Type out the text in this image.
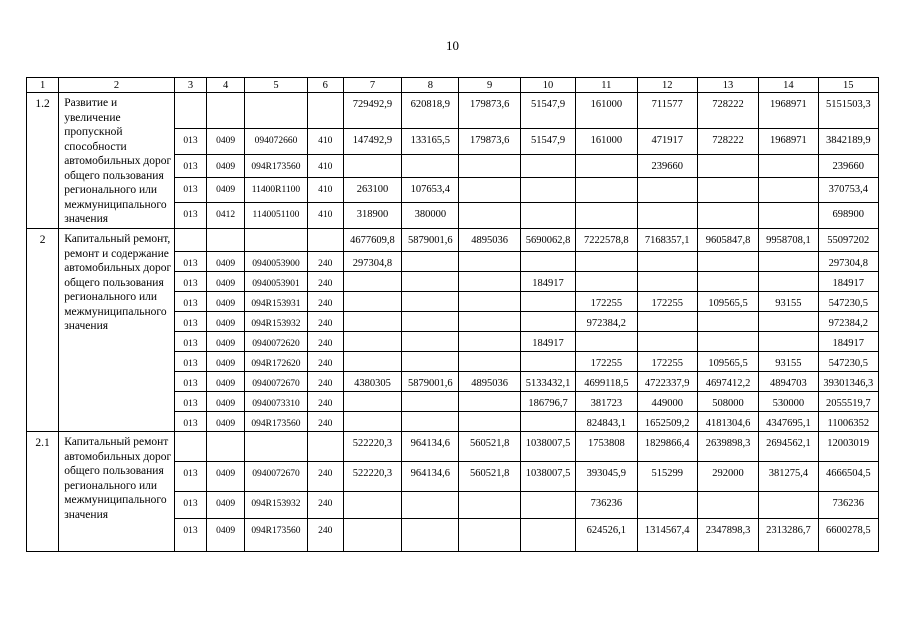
10
1	2	3	4	5	6	7	8	9	10	11	12	13	14	15
1.2	Развитие и увеличение пропускной способности автомобильных дорог общего пользования регионального или межмуниципального значения					729492,9	620818,9	179873,6	51547,9	161000	711577	728222	1968971	5151503,3
		013	0409	094072660	410	147492,9	133165,5	179873,6	51547,9	161000	471917	728222	1968971	3842189,9
		013	0409	094R173560	410						239660			239660
		013	0409	11400R1100	410	263100	107653,4							370753,4
		013	0412	1140051100	410	318900	380000							698900
2	Капитальный ремонт, ремонт и содержание автомобильных дорог общего пользования регионального или межмуниципального значения					4677609,8	5879001,6	4895036	5690062,8	7222578,8	7168357,1	9605847,8	9958708,1	55097202
		013	0409	0940053900	240	297304,8								297304,8
		013	0409	0940053901	240				184917					184917
		013	0409	094R153931	240					172255	172255	109565,5	93155	547230,5
		013	0409	094R153932	240					972384,2				972384,2
		013	0409	0940072620	240				184917					184917
		013	0409	094R172620	240					172255	172255	109565,5	93155	547230,5
		013	0409	0940072670	240	4380305	5879001,6	4895036	5133432,1	4699118,5	4722337,9	4697412,2	4894703	39301346,3
		013	0409	0940073310	240				186796,7	381723	449000	508000	530000	2055519,7
		013	0409	094R173560	240					824843,1	1652509,2	4181304,6	4347695,1	11006352
2.1	Капитальный ремонт автомобильных дорог общего пользования регионального или межмуниципального значения					522220,3	964134,6	560521,8	1038007,5	1753808	1829866,4	2639898,3	2694562,1	12003019
		013	0409	0940072670	240	522220,3	964134,6	560521,8	1038007,5	393045,9	515299	292000	381275,4	4666504,5
		013	0409	094R153932	240					736236				736236
		013	0409	094R173560	240					624526,1	1314567,4	2347898,3	2313286,7	6600278,5
